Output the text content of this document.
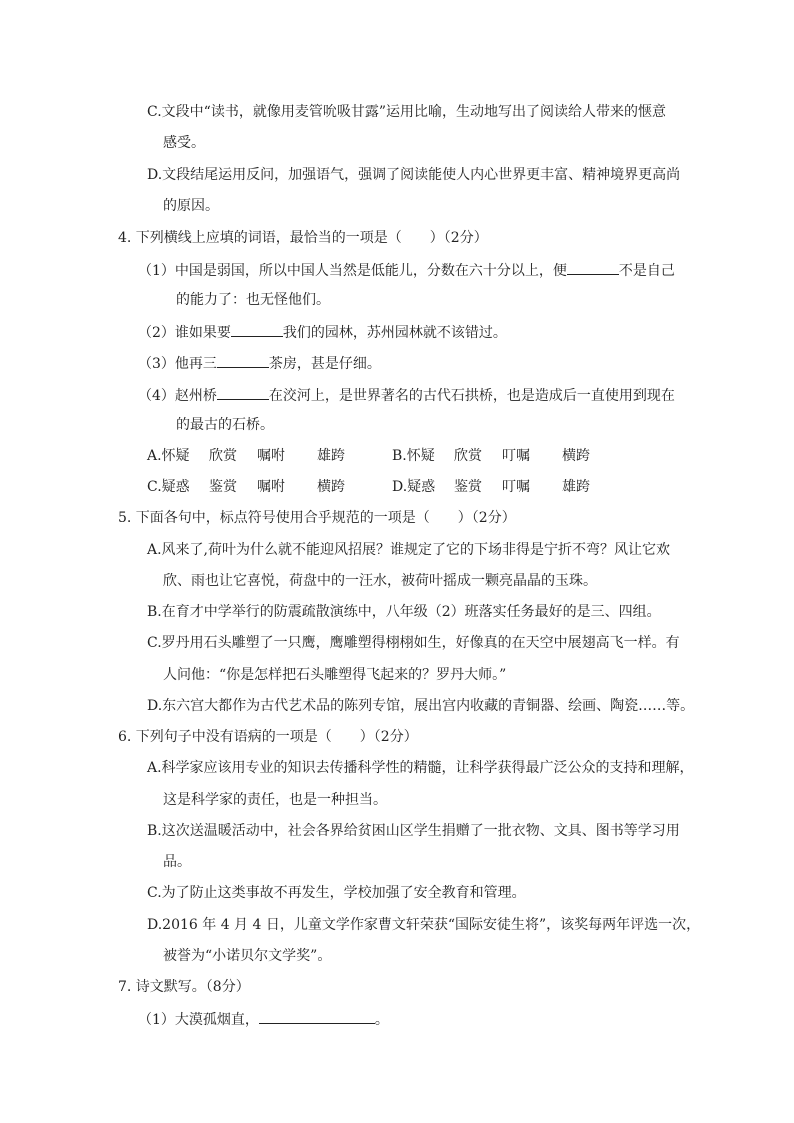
C.文段中“读书，就像用麦管吮吸甘露”运用比喻，生动地写出了阅读给人带来的惬意
感受。
D.文段结尾运用反问，加强语气，强调了阅读能使人内心世界更丰富、精神境界更高尚
的原因。
4. 下列横线上应填的词语，最恰当的一项是（　　）（2分）
（1）中国是弱国，所以中国人当然是低能儿，分数在六十分以上，便	不是自己
的能力了：也无怪他们。
（2）谁如果要	我们的园林，苏州园林就不该错过。
（3）他再三	茶房，甚是仔细。
（4）赵州桥	在洨河上，是世界著名的古代石拱桥，也是造成后一直使用到现在
的最古的石桥。
A.怀疑 欣赏 嘱咐 雄跨	B.怀疑 欣赏 叮嘱 横跨
C.疑惑 鉴赏 嘱咐 横跨	D.疑惑 鉴赏 叮嘱 雄跨
5. 下面各句中，标点符号使用合乎规范的一项是（　　）（2分）
A.风来了,荷叶为什么就不能迎风招展？谁规定了它的下场非得是宁折不弯？风让它欢
欣、雨也让它喜悦，荷盘中的一汪水，被荷叶摇成一颗亮晶晶的玉珠。
B.在育才中学举行的防震疏散演练中，八年级（2）班落实任务最好的是三、四组。
C.罗丹用石头雕塑了一只鹰，鹰雕塑得栩栩如生，好像真的在天空中展翅高飞一样。有
人问他：“你是怎样把石头雕塑得飞起来的？罗丹大师。”
D.东六宫大都作为古代艺术品的陈列专馆，展出宫内收藏的青铜器、绘画、陶瓷……等。
6. 下列句子中没有语病的一项是（　　）（2分）
A.科学家应该用专业的知识去传播科学性的精髓，让科学获得最广泛公众的支持和理解，
这是科学家的责任，也是一种担当。
B.这次送温暖活动中，社会各界给贫困山区学生捐赠了一批衣物、文具、图书等学习用
品。
C.为了防止这类事故不再发生，学校加强了安全教育和管理。
D.2016 年 4 月 4 日，儿童文学作家曹文轩荣获“国际安徒生将”，该奖每两年评选一次，
被誉为“小诺贝尔文学奖”。
7. 诗文默写。（8分）
（1）大漠孤烟直，	。
